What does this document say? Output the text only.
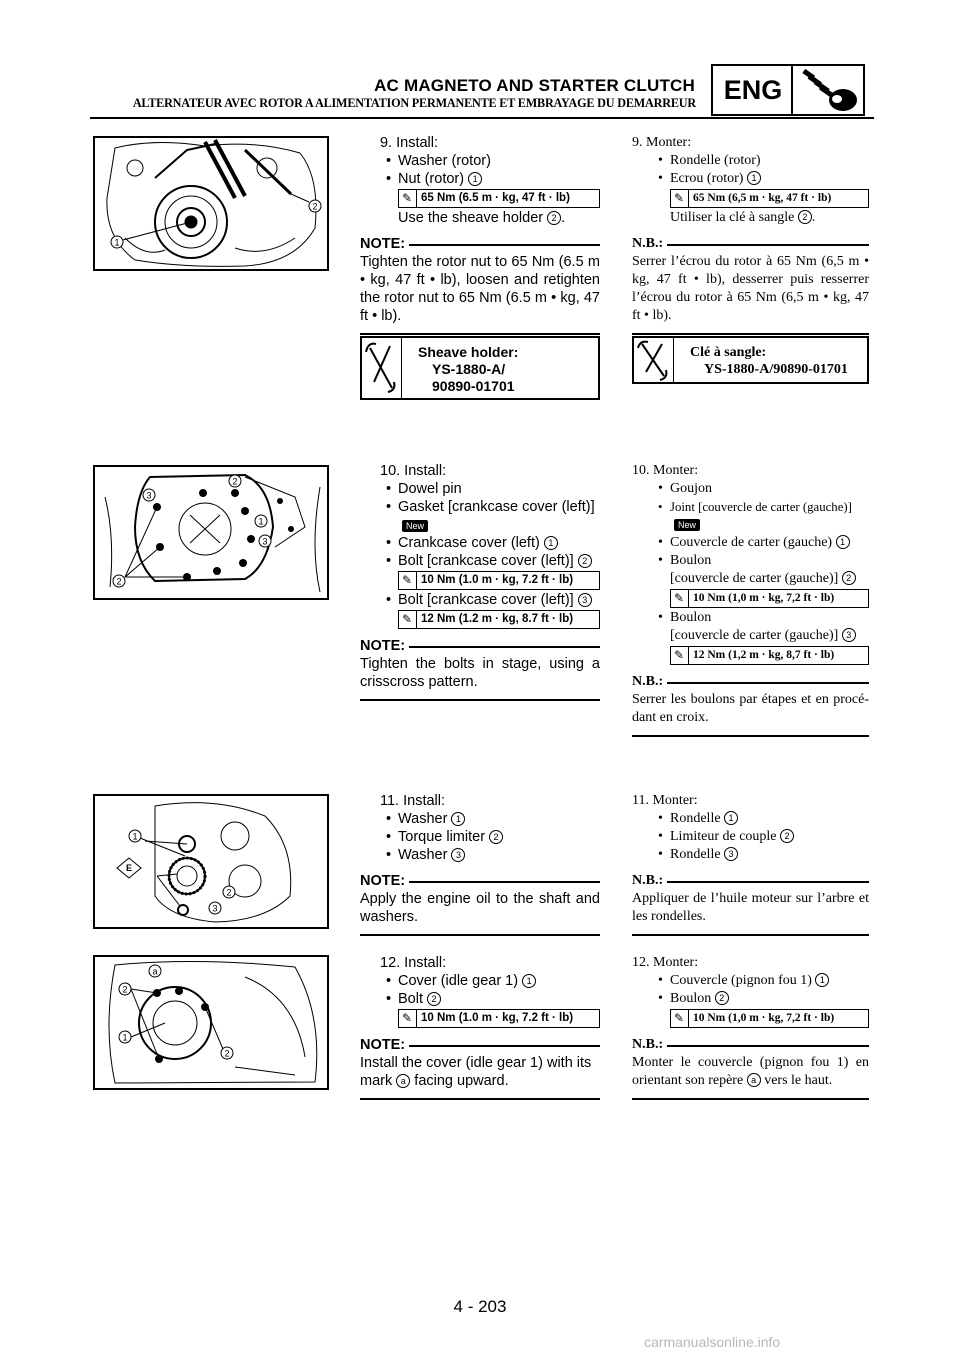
AC MAGNETO AND STARTER CLUTCH
ALTERNATEUR AVEC ROTOR A ALIMENTATION PERMANENTE ET EMBRAYAGE DU DEMARREUR ENG
1
2
3
2
1
3
2
1
2
3
E
a
2
1
2
9. Install:
• Washer (rotor)
• Nut (rotor) 1
✎ 65 Nm (6.5 m · kg, 47 ft · lb)
Use the sheave holder 2 .
NOTE:
Tighten the rotor nut to 65 Nm (6.5 m • kg, 47 ft • lb), loosen and retighten the rotor nut to 65 Nm (6.5 m • kg, 47 ft • lb).
Sheave holder:
YS-1880-A/
90890-01701
9. Monter:
• Rondelle (rotor)
• Ecrou (rotor) 1
✎ 65 Nm (6,5 m · kg, 47 ft · lb)
Utiliser la clé à sangle 2 .
N.B.:
Serrer l’écrou du rotor à 65 Nm (6,5 m • kg, 47 ft • lb), desserrer puis resserrer l’écrou du rotor à 65 Nm (6,5 m • kg, 47 ft • lb).
Clé à sangle:
YS-1880-A/90890-01701
10. Install:
• Dowel pin
• Gasket [crankcase cover (left)]
New
• Crankcase cover (left) 1
• Bolt [crankcase cover (left)] 2
✎ 10 Nm (1.0 m · kg, 7.2 ft · lb)
• Bolt [crankcase cover (left)] 3
✎ 12 Nm (1.2 m · kg, 8.7 ft · lb)
NOTE:
Tighten the bolts in stage, using a crisscross pattern.
10. Monter:
• Goujon
• Joint [couvercle de carter (gauche)]
New
• Couvercle de carter (gauche) 1
• Boulon
[couvercle de carter (gauche)] 2
✎ 10 Nm (1,0 m · kg, 7,2 ft · lb)
• Boulon
[couvercle de carter (gauche)] 3
✎ 12 Nm (1,2 m · kg, 8,7 ft · lb)
N.B.:
Serrer les boulons par étapes et en procé-dant en croix.
11. Install:
• Washer 1
• Torque limiter 2
• Washer 3
NOTE:
Apply the engine oil to the shaft and washers.
11. Monter:
• Rondelle 1
• Limiteur de couple 2
• Rondelle 3
N.B.:
Appliquer de l’huile moteur sur l’arbre et les rondelles.
12. Install:
• Cover (idle gear 1) 1
• Bolt 2
✎ 10 Nm (1.0 m · kg, 7.2 ft · lb)
NOTE:
Install the cover (idle gear 1) with its mark a facing upward.
12. Monter:
• Couvercle (pignon fou 1) 1
• Boulon 2
✎ 10 Nm (1,0 m · kg, 7,2 ft · lb)
N.B.:
Monter le couvercle (pignon fou 1) en orientant son repère a vers le haut.
4 - 203
carmanualsonline.info
